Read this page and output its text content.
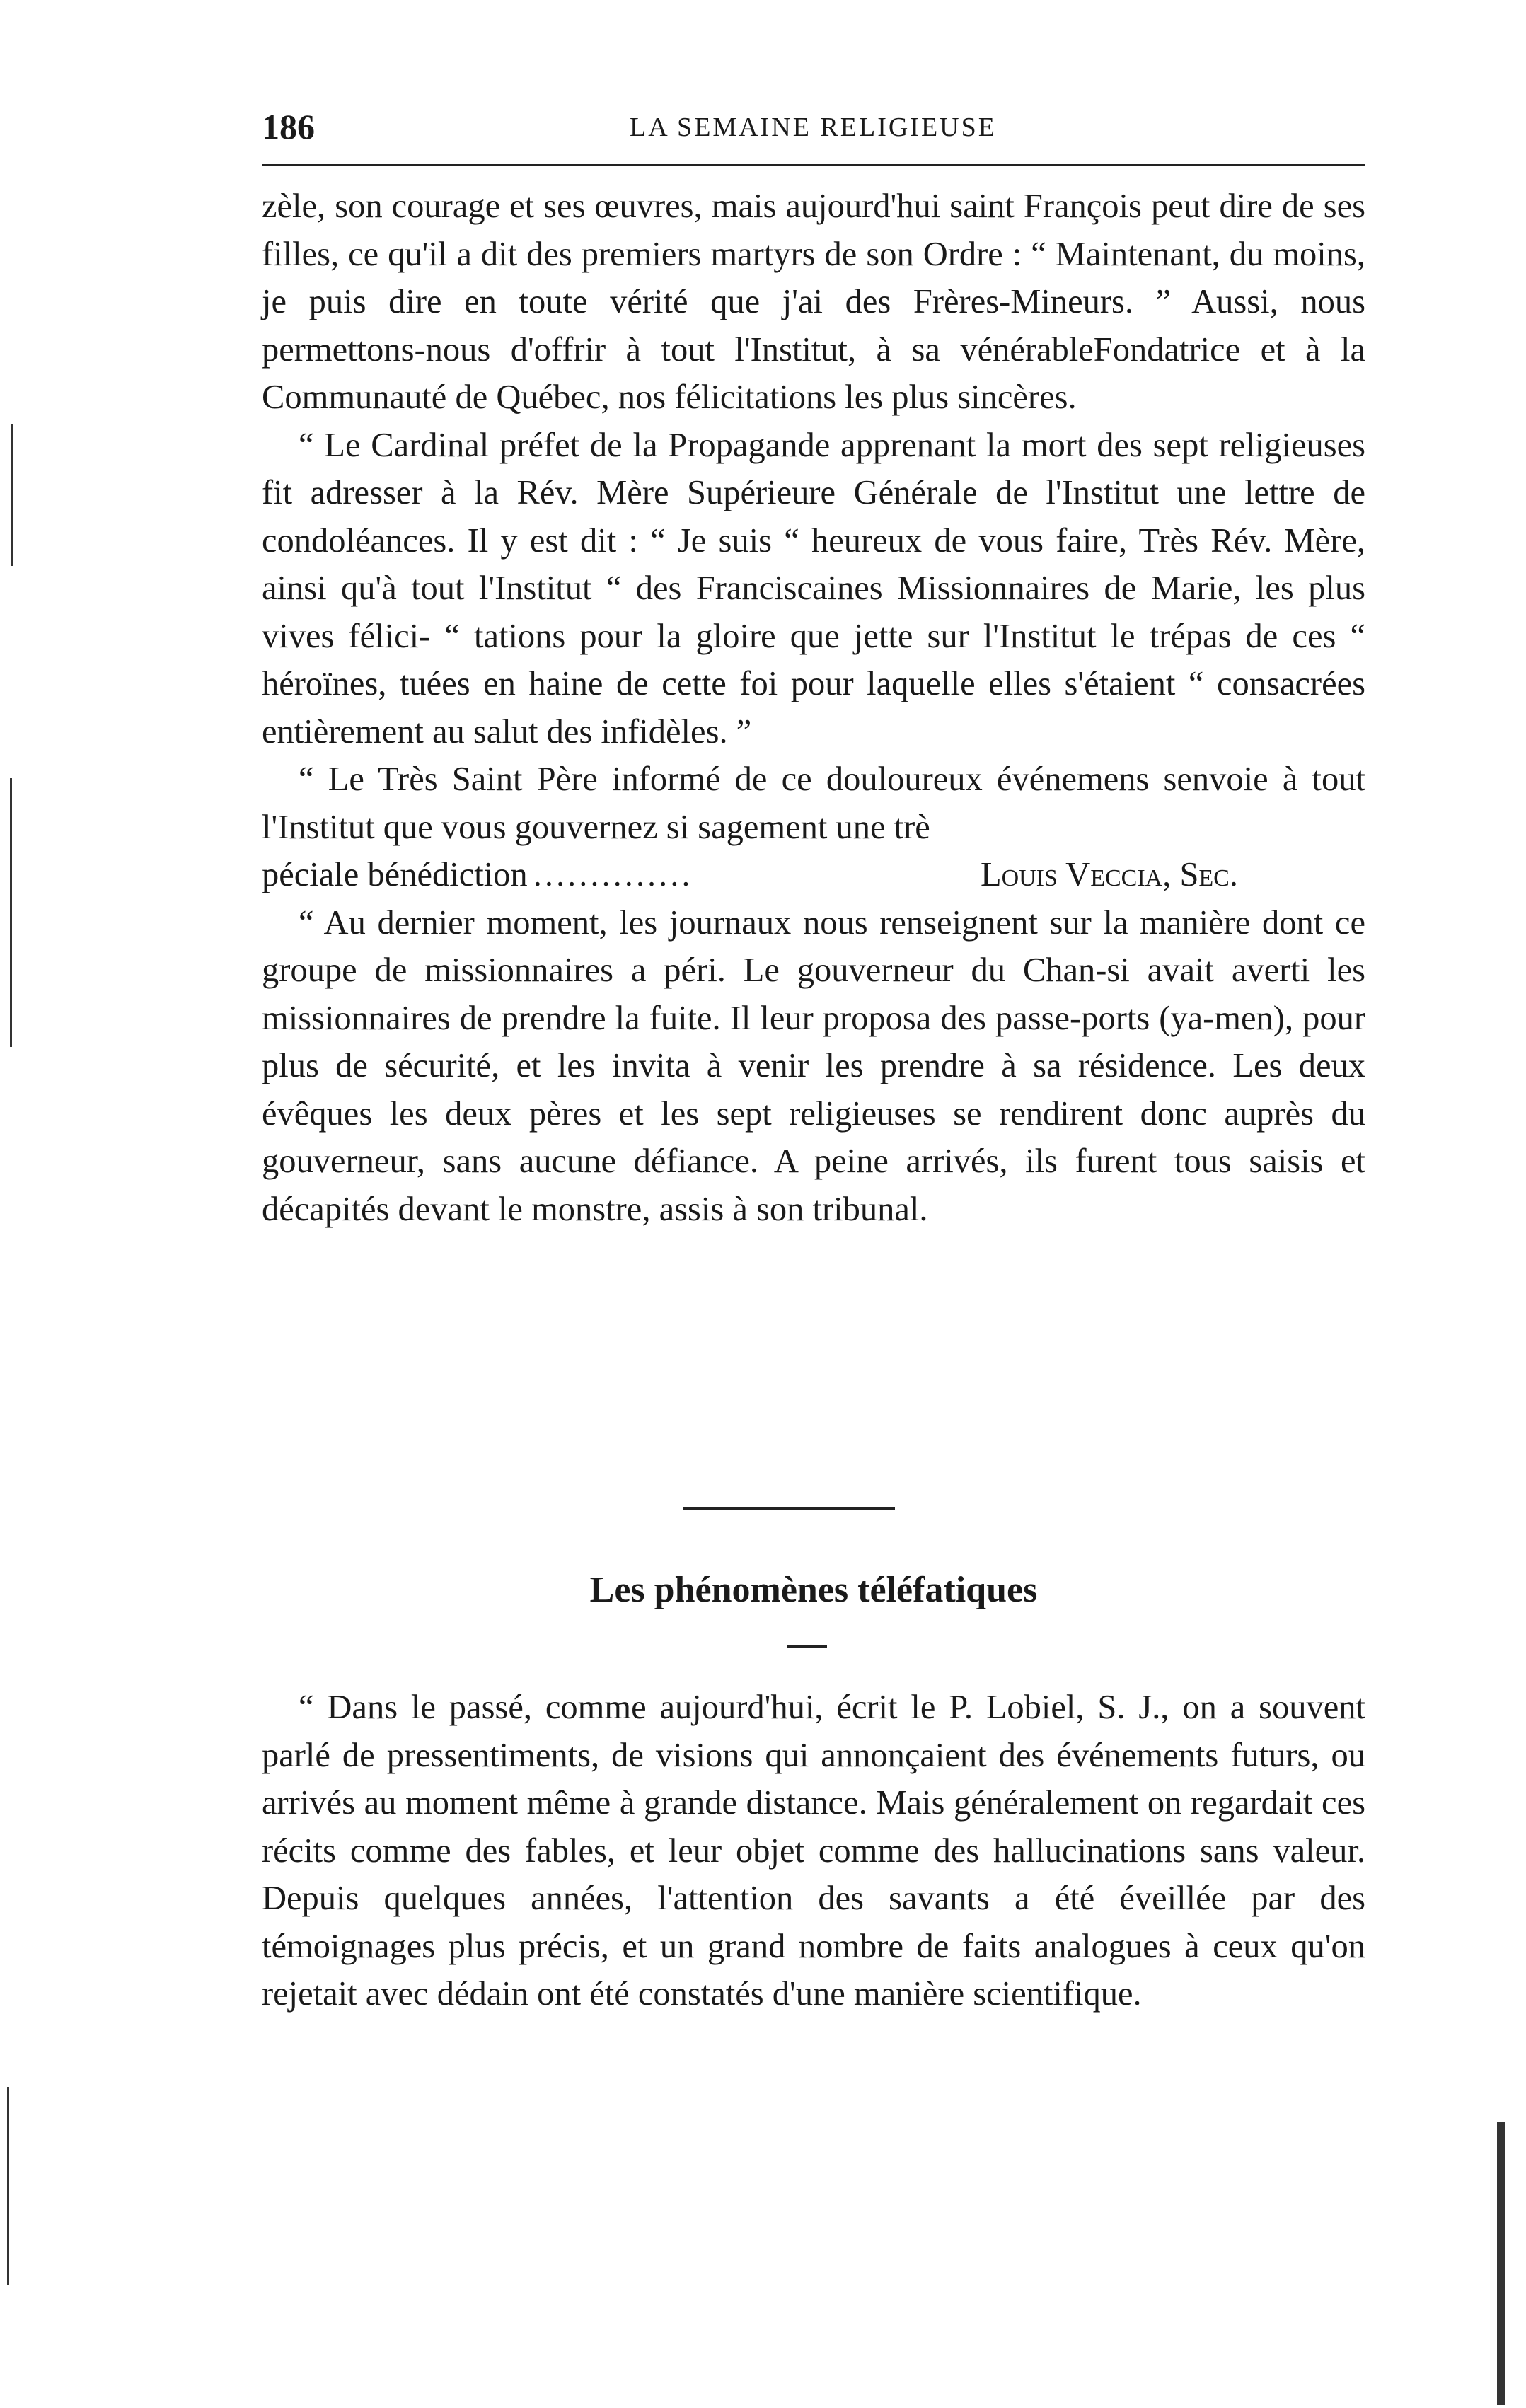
186	LA SEMAINE RELIGIEUSE

zèle, son courage et ses œuvres, mais aujourd'hui saint François peut dire de ses filles, ce qu'il a dit des premiers martyrs de son Ordre : “ Maintenant, du moins, je puis dire en toute vérité que j'ai des Frères-Mineurs. ” Aussi, nous permettons-nous d'offrir à tout l'Institut, à sa vénérableFondatrice et à la Communauté de Québec, nos félicitations les plus sincères.

“ Le Cardinal préfet de la Propagande apprenant la mort des sept religieuses fit adresser à la Rév. Mère Supérieure Générale de l'Institut une lettre de condoléances. Il y est dit : “ Je suis “ heureux de vous faire, Très Rév. Mère, ainsi qu'à tout l'Institut “ des Franciscaines Missionnaires de Marie, les plus vives félici- “ tations pour la gloire que jette sur l'Institut le trépas de ces “ héroïnes, tuées en haine de cette foi pour laquelle elles s'étaient “ consacrées entièrement au salut des infidèles. ”

“ Le Très Saint Père informé de ce douloureux événemens senvoie à tout l'Institut que vous gouvernez si sagement une trè

péciale bénédiction ..............	Louis Veccia, Sec.

“ Au dernier moment, les journaux nous renseignent sur la manière dont ce groupe de missionnaires a péri. Le gouverneur du Chan-si avait averti les missionnaires de prendre la fuite. Il leur proposa des passe-ports (ya-men), pour plus de sécurité, et les invita à venir les prendre à sa résidence. Les deux évêques les deux pères et les sept religieuses se rendirent donc auprès du gouverneur, sans aucune défiance. A peine arrivés, ils furent tous saisis et décapités devant le monstre, assis à son tribunal.

Les phénomènes téléfatiques

“ Dans le passé, comme aujourd'hui, écrit le P. Lobiel, S. J., on a souvent parlé de pressentiments, de visions qui annonçaient des événements futurs, ou arrivés au moment même à grande distance. Mais généralement on regardait ces récits comme des fables, et leur objet comme des hallucinations sans valeur. Depuis quelques années, l'attention des savants a été éveillée par des témoignages plus précis, et un grand nombre de faits analogues à ceux qu'on rejetait avec dédain ont été constatés d'une manière scientifique.
